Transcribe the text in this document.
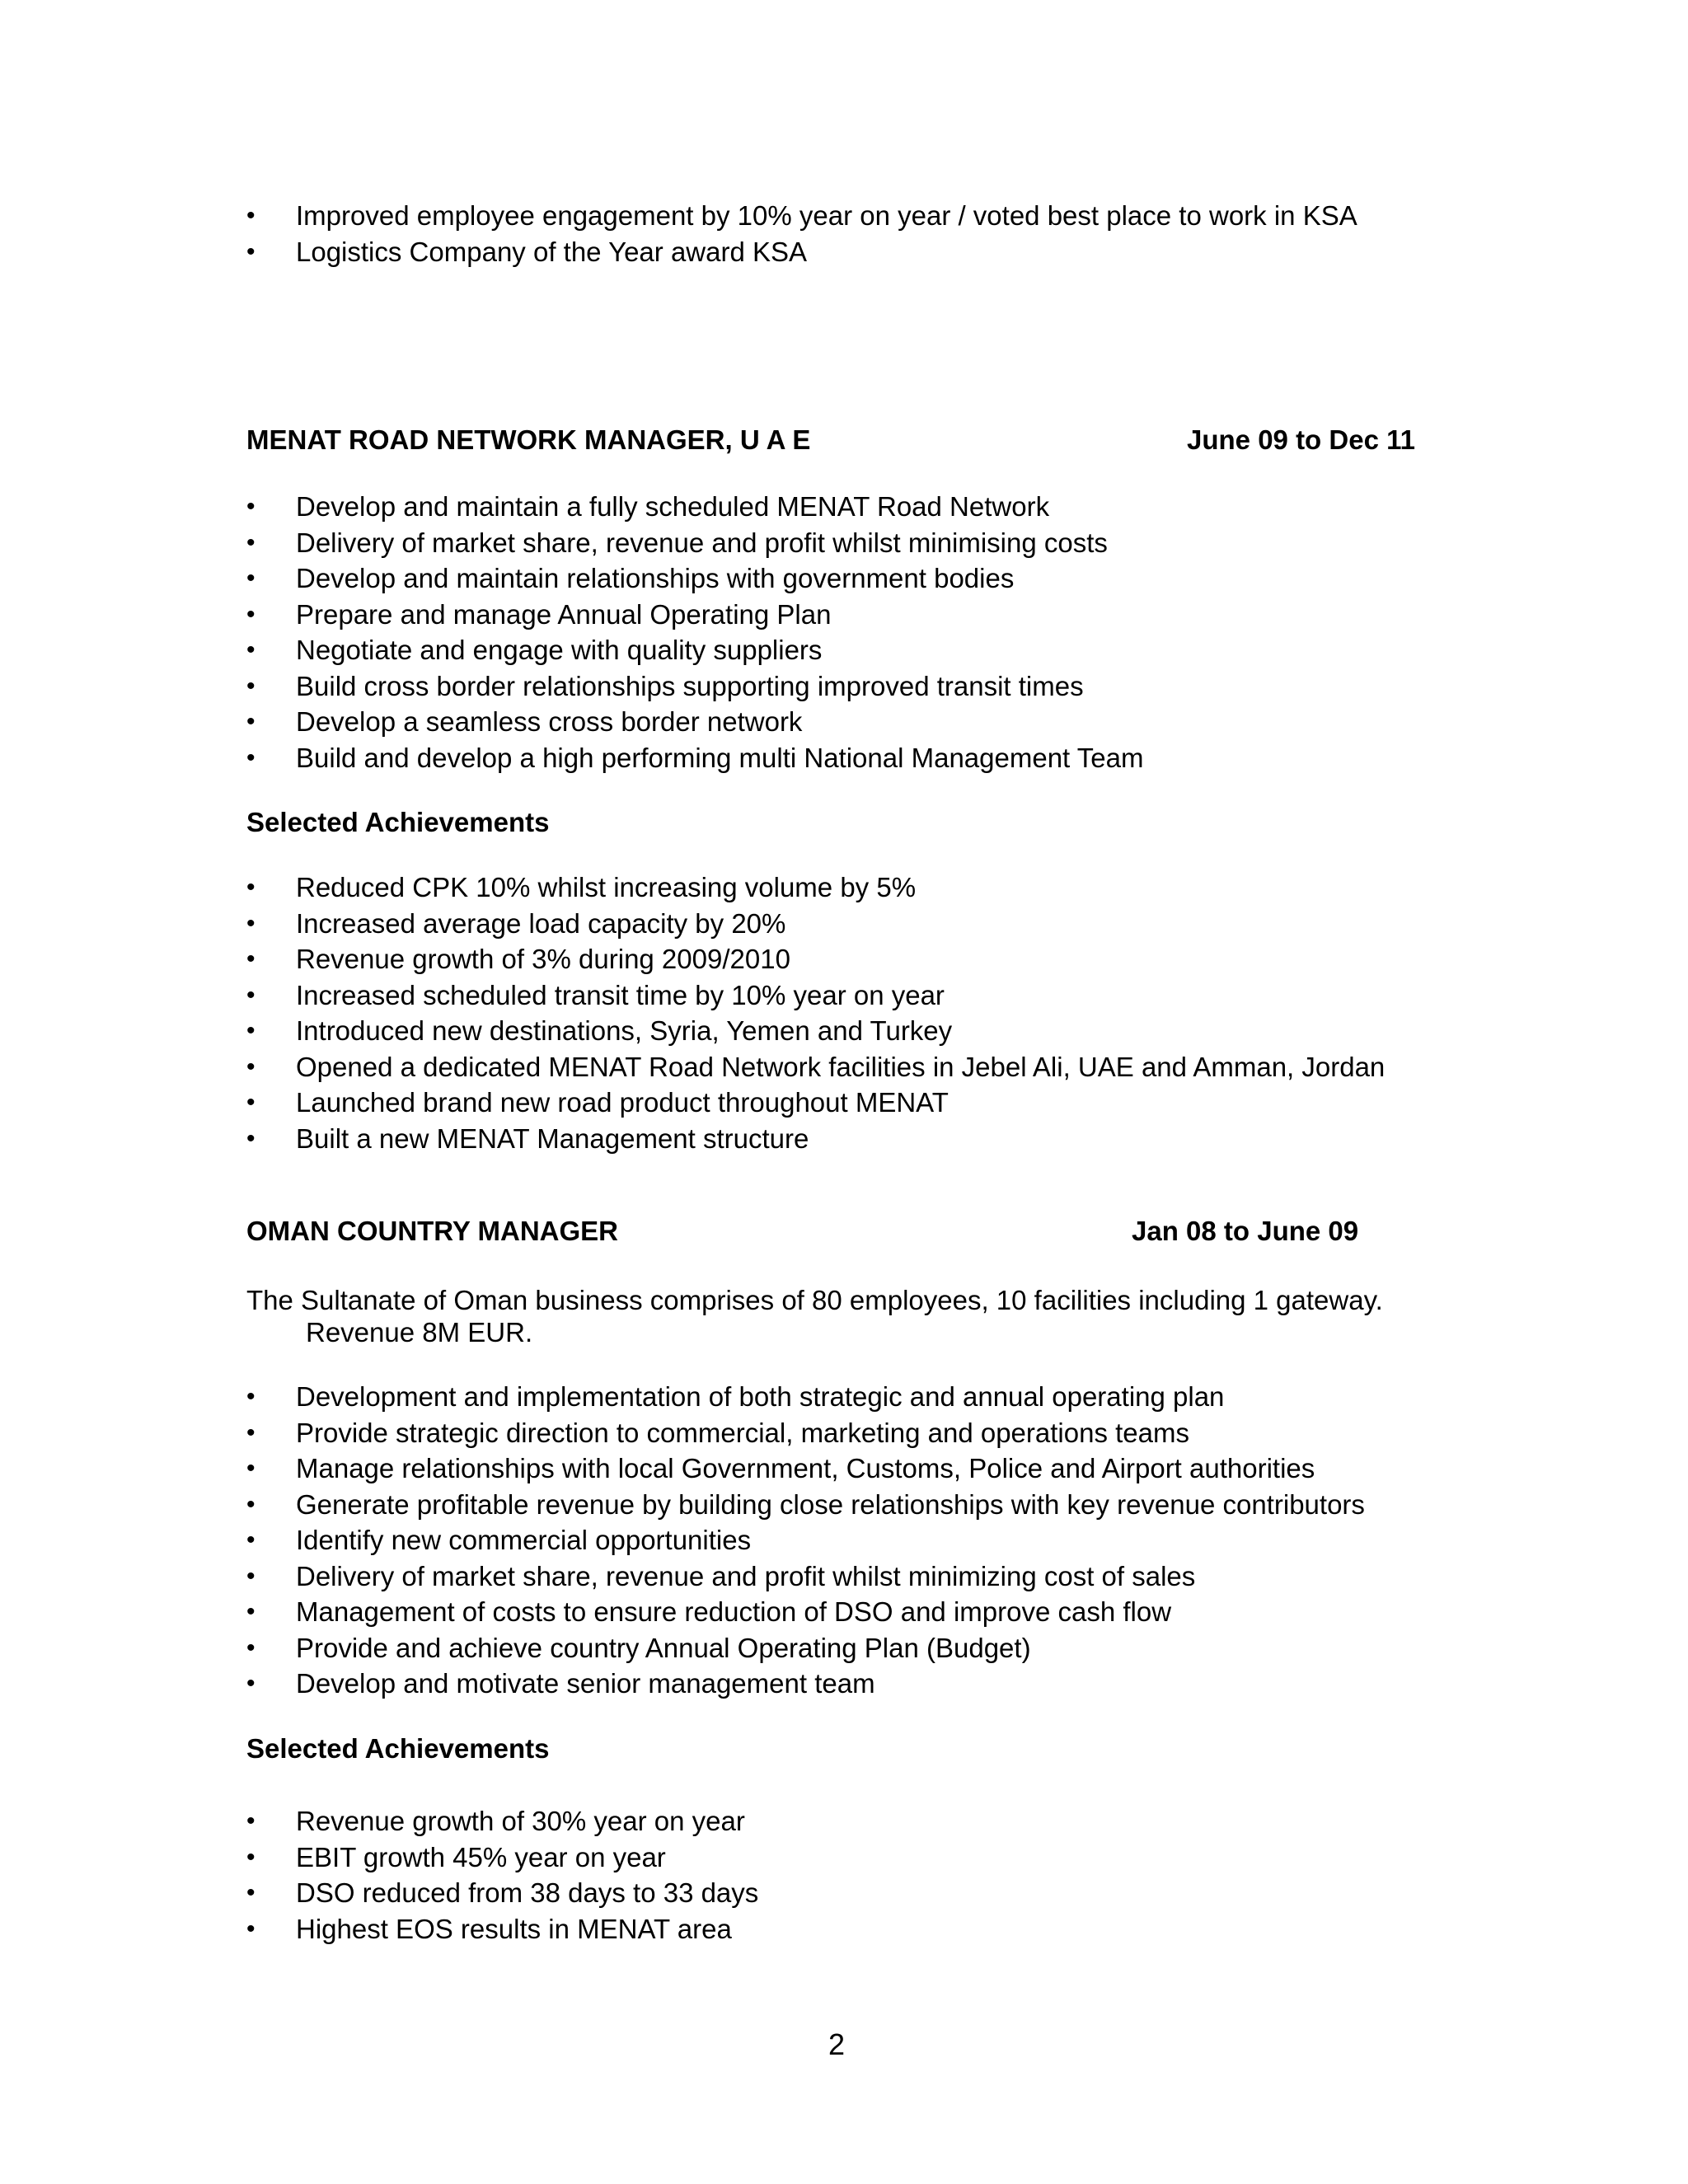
• Improved employee engagement by 10% year on year / voted best place to work in KSA
• Logistics Company of the Year award KSA
MENAT ROAD NETWORK MANAGER, U A E	June 09 to Dec 11
• Develop and maintain a fully scheduled MENAT Road Network
• Delivery of market share, revenue and profit whilst minimising costs
• Develop and maintain relationships with government bodies
• Prepare and manage Annual Operating Plan
• Negotiate and engage with quality suppliers
• Build cross border relationships supporting improved transit times
• Develop a seamless cross border network
• Build and develop a high performing multi National Management Team
Selected Achievements
• Reduced CPK 10% whilst increasing volume by 5%
• Increased average load capacity by 20%
• Revenue growth of 3% during 2009/2010
• Increased scheduled transit time by 10% year on year
• Introduced new destinations, Syria, Yemen and Turkey
• Opened a dedicated MENAT Road Network facilities in Jebel Ali, UAE and Amman, Jordan
• Launched brand new road product throughout MENAT
• Built a new MENAT Management structure
OMAN COUNTRY MANAGER	Jan 08 to June 09
The Sultanate of Oman business comprises of 80 employees, 10 facilities including 1 gateway.
Revenue 8M EUR.
• Development and implementation of both strategic and annual operating plan
• Provide strategic direction to commercial, marketing and operations teams
• Manage relationships with local Government, Customs, Police and Airport authorities
• Generate profitable revenue by building close relationships with key revenue contributors
• Identify new commercial opportunities
• Delivery of market share, revenue and profit whilst minimizing cost of sales
• Management of costs to ensure reduction of DSO and improve cash flow
• Provide and achieve country Annual Operating Plan (Budget)
• Develop and motivate senior management team
Selected Achievements
• Revenue growth of 30% year on year
• EBIT growth 45% year on year
• DSO reduced from 38 days to 33 days
• Highest EOS results in MENAT area
2
